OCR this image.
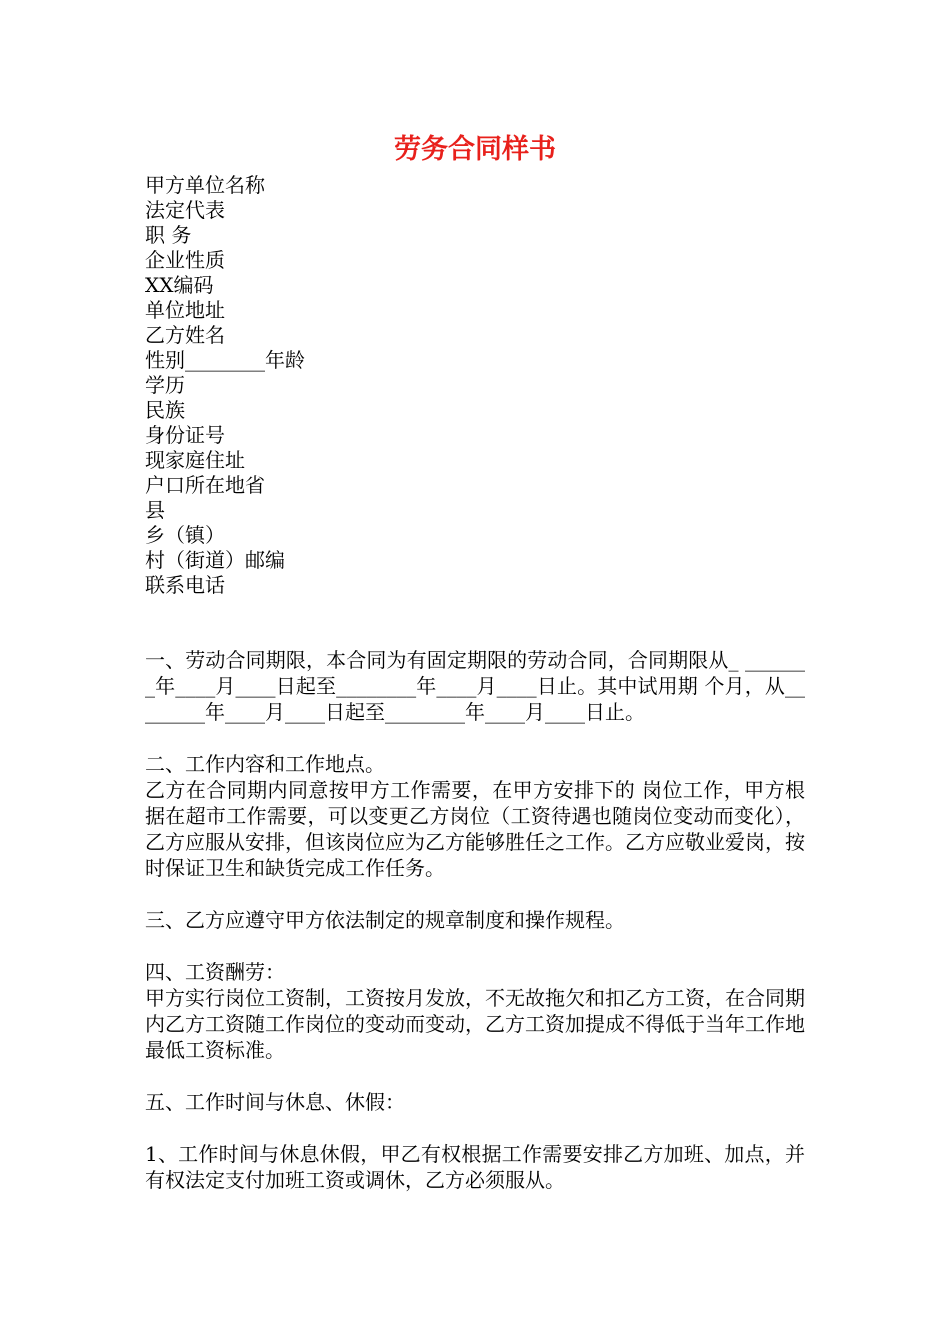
劳务合同样书
甲方单位名称
法定代表
职 务
企业性质
XX编码
单位地址
乙方姓名
性别________年龄
学历
民族
身份证号
现家庭住址
户口所在地省
县
乡（镇）
村（街道）邮编
联系电话

一、劳动合同期限，本合同为有固定期限的劳动合同，合同期限从_ _______年____月____日起至________年____月____日止。其中试用期 个月，从________年____月____日起至________年____月____日止。

二、工作内容和工作地点。

乙方在合同期内同意按甲方工作需要，在甲方安排下的 岗位工作，甲方根据在超市工作需要，可以变更乙方岗位（工资待遇也随岗位变动而变化），乙方应服从安排，但该岗位应为乙方能够胜任之工作。乙方应敬业爱岗，按时保证卫生和缺货完成工作任务。

三、乙方应遵守甲方依法制定的规章制度和操作规程。

四、工资酬劳：

甲方实行岗位工资制，工资按月发放，不无故拖欠和扣乙方工资，在合同期内乙方工资随工作岗位的变动而变动，乙方工资加提成不得低于当年工作地最低工资标准。

五、工作时间与休息、休假：

1、工作时间与休息休假，甲乙有权根据工作需要安排乙方加班、加点，并有权法定支付加班工资或调休，乙方必须服从。
